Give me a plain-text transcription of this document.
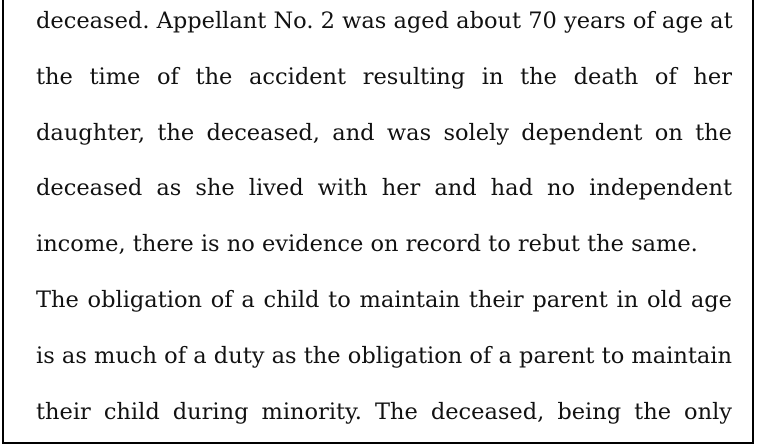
deceased. Appellant No. 2 was aged about 70 years of age at
the time of the accident resulting in the death of her
daughter, the deceased, and was solely dependent on the
deceased as she lived with her and had no independent
income, there is no evidence on record to rebut the same.
The obligation of a child to maintain their parent in old age
is as much of a duty as the obligation of a parent to maintain
their child during minority. The deceased, being the only
